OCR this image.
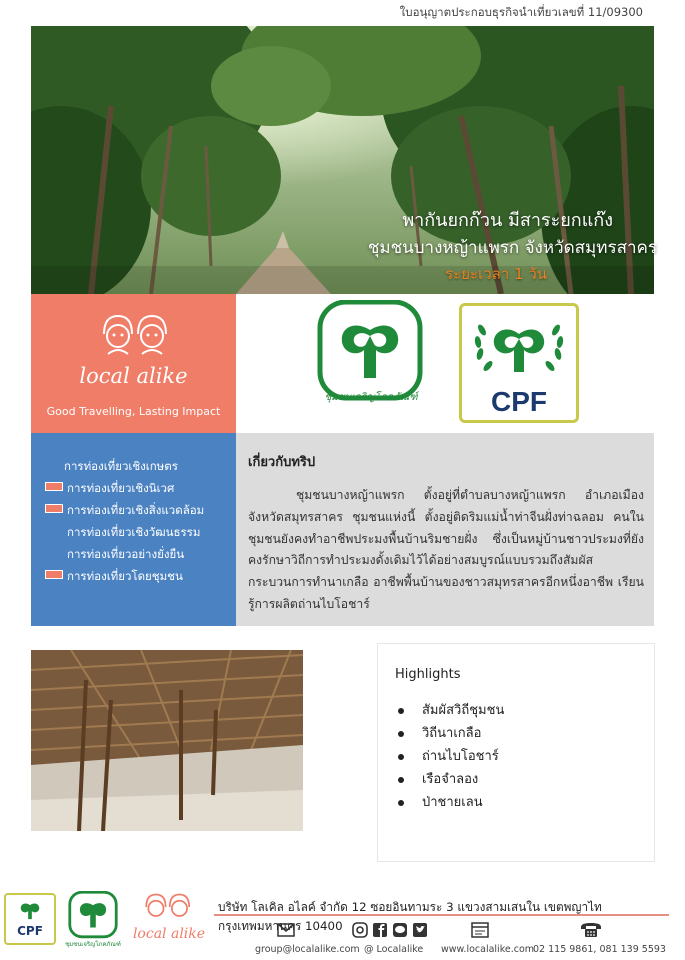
ใบอนุญาตประกอบธุรกิจนำเที่ยวเลขที่ 11/09300
พากันยกก๊วน มีสาระยกแก๊ง
ชุมชนบางหญ้าแพรก จังหวัดสมุทรสาคร
ระยะเวลา 1 วัน
local alike
Good Travelling, Lasting Impact
ชุมชนเจริญโภคภัณฑ์	CPF
การท่องเที่ยวเชิงเกษตร
การท่องเที่ยวเชิงนิเวศ
การท่องเที่ยวเชิงสิ่งแวดล้อม
การท่องเที่ยวเชิงวัฒนธรรม
การท่องเที่ยวอย่างยั่งยืน
การท่องเที่ยวโดยชุมชน
เกี่ยวกับทริป
ชุมชนบางหญ้าแพรก ตั้งอยู่ที่ตำบลบางหญ้าแพรก อำเภอเมือง จังหวัดสมุทรสาคร ชุมชนแห่งนี้ ตั้งอยู่ติดริมแม่น้ำท่าจีนฝั่งท่าฉลอม คนในชุมชนยังคงทำอาชีพประมงพื้นบ้านริมชายฝั่ง ซึ่งเป็นหมู่บ้านชาวประมงที่ยังคงรักษาวิถีการทำประมงดั้งเดิมไว้ได้อย่างสมบูรณ์แบบรวมถึงสัมผัสกระบวนการทำนาเกลือ อาชีพพื้นบ้านของชาวสมุทรสาครอีกหนึ่งอาชีพ เรียนรู้การผลิตถ่านไบโอชาร์
Highlights
สัมผัสวิถีชุมชน
วิถีนาเกลือ
ถ่านไบโอชาร์
เรือจำลอง
ป่าชายเลน
CPF
ชุมชนเจริญโภคภัณฑ์
local alike
บริษัท โลเคิล อไลค์ จำกัด 12 ซอยอินทามระ 3 แขวงสามเสนใน เขตพญาไท กรุงเทพมหานคร 10400
group@localalike.com @ Localalike www.localalike.com
02 115 9861, 081 139 5593
